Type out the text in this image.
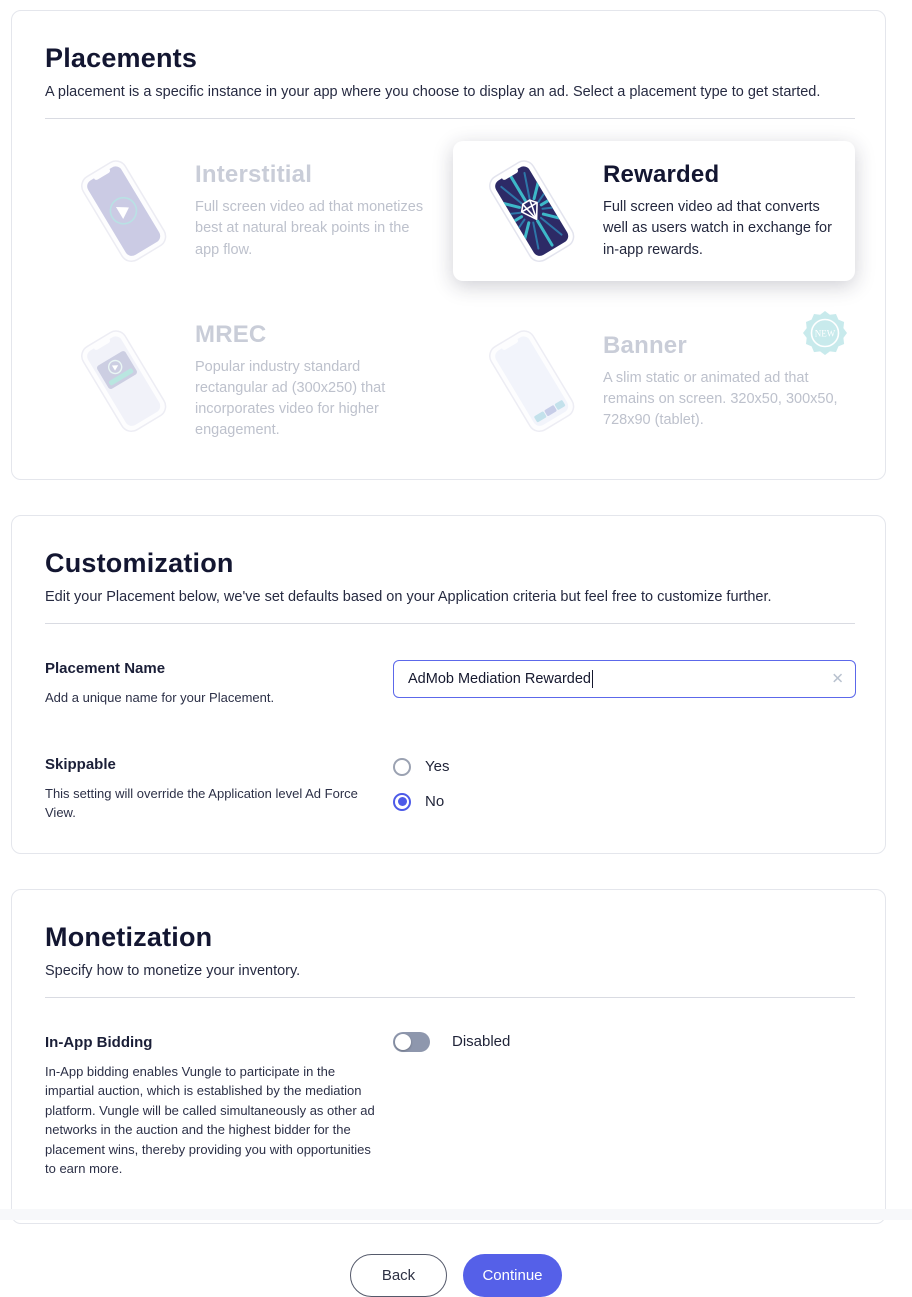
Placements

A placement is a specific instance in your app where you choose to display an ad. Select a placement type to get started.

Interstitial
Full screen video ad that monetizes best at natural break points in the app flow.
Rewarded
Full screen video ad that converts well as users watch in exchange for in-app rewards.
MREC
Popular industry standard rectangular ad (300x250) that incorporates video for higher engagement.
Banner
A slim static or animated ad that remains on screen. 320x50, 300x50, 728x90 (tablet).
NEW
Customization

Edit your Placement below, we've set defaults based on your Application criteria but feel free to customize further.

Placement Name
Add a unique name for your Placement.
AdMob Mediation Rewarded	✕
Skippable
This setting will override the Application level Ad Force View.
Yes
No
Monetization

Specify how to monetize your inventory.

In-App Bidding
In-App bidding enables Vungle to participate in the impartial auction, which is established by the mediation platform. Vungle will be called simultaneously as other ad networks in the auction and the highest bidder for the placement wins, thereby providing you with opportunities to earn more.
Disabled
Back	Continue
